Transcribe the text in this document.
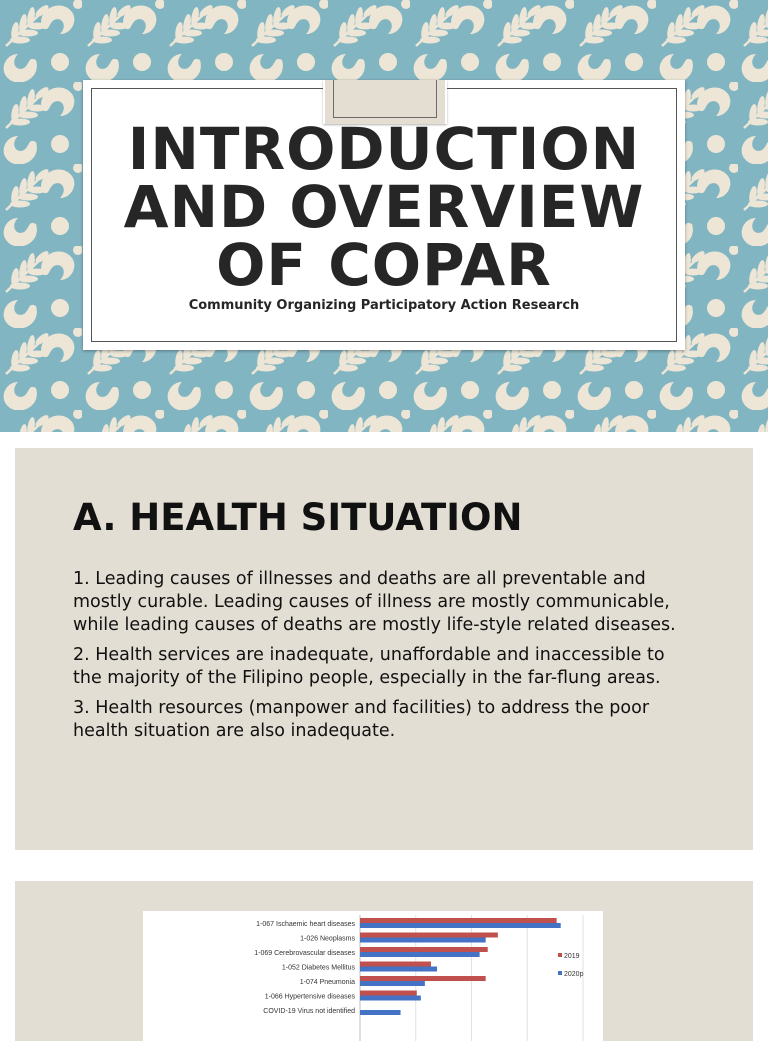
INTRODUCTION
AND OVERVIEW
OF COPAR
Community Organizing Participatory Action Research
A. HEALTH SITUATION
1. Leading causes of illnesses and deaths are all preventable and mostly curable. Leading causes of illness are mostly communicable, while leading causes of deaths are mostly life-style related diseases.
2. Health services are inadequate, unaffordable and inaccessible to the majority of the Filipino people, especially in the far-flung areas.
3. Health resources (manpower and facilities) to address the poor health situation are also inadequate.
1-067 Ischaemic heart diseases
1-026 Neoplasms
1-069 Cerebrovascular diseases
1-052 Diabetes Mellitus
1-074 Pneumonia
1-066 Hypertensive diseases
COVID-19 Virus not identified
2019
2020p
